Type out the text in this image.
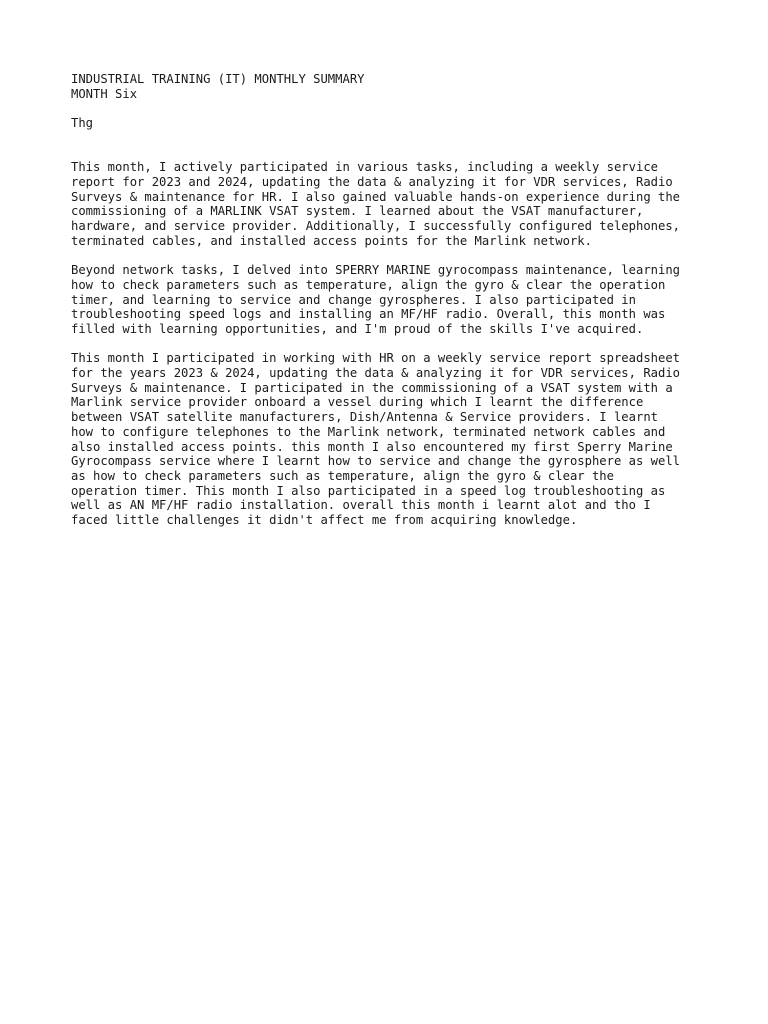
INDUSTRIAL TRAINING (IT) MONTHLY SUMMARY
MONTH Six
Thg
This month, I actively participated in various tasks, including a weekly service
report for 2023 and 2024, updating the data & analyzing it for VDR services, Radio
Surveys & maintenance for HR. I also gained valuable hands-on experience during the
commissioning of a MARLINK VSAT system. I learned about the VSAT manufacturer,
hardware, and service provider. Additionally, I successfully configured telephones,
terminated cables, and installed access points for the Marlink network.
Beyond network tasks, I delved into SPERRY MARINE gyrocompass maintenance, learning
how to check parameters such as temperature, align the gyro & clear the operation
timer, and learning to service and change gyrospheres. I also participated in
troubleshooting speed logs and installing an MF/HF radio. Overall, this month was
filled with learning opportunities, and I'm proud of the skills I've acquired.
This month I participated in working with HR on a weekly service report spreadsheet
for the years 2023 & 2024, updating the data & analyzing it for VDR services, Radio
Surveys & maintenance. I participated in the commissioning of a VSAT system with a
Marlink service provider onboard a vessel during which I learnt the difference
between VSAT satellite manufacturers, Dish/Antenna & Service providers. I learnt
how to configure telephones to the Marlink network, terminated network cables and
also installed access points. this month I also encountered my first Sperry Marine
Gyrocompass service where I learnt how to service and change the gyrosphere as well
as how to check parameters such as temperature, align the gyro & clear the
operation timer. This month I also participated in a speed log troubleshooting as
well as AN MF/HF radio installation. overall this month i learnt alot and tho I
faced little challenges it didn't affect me from acquiring knowledge.
